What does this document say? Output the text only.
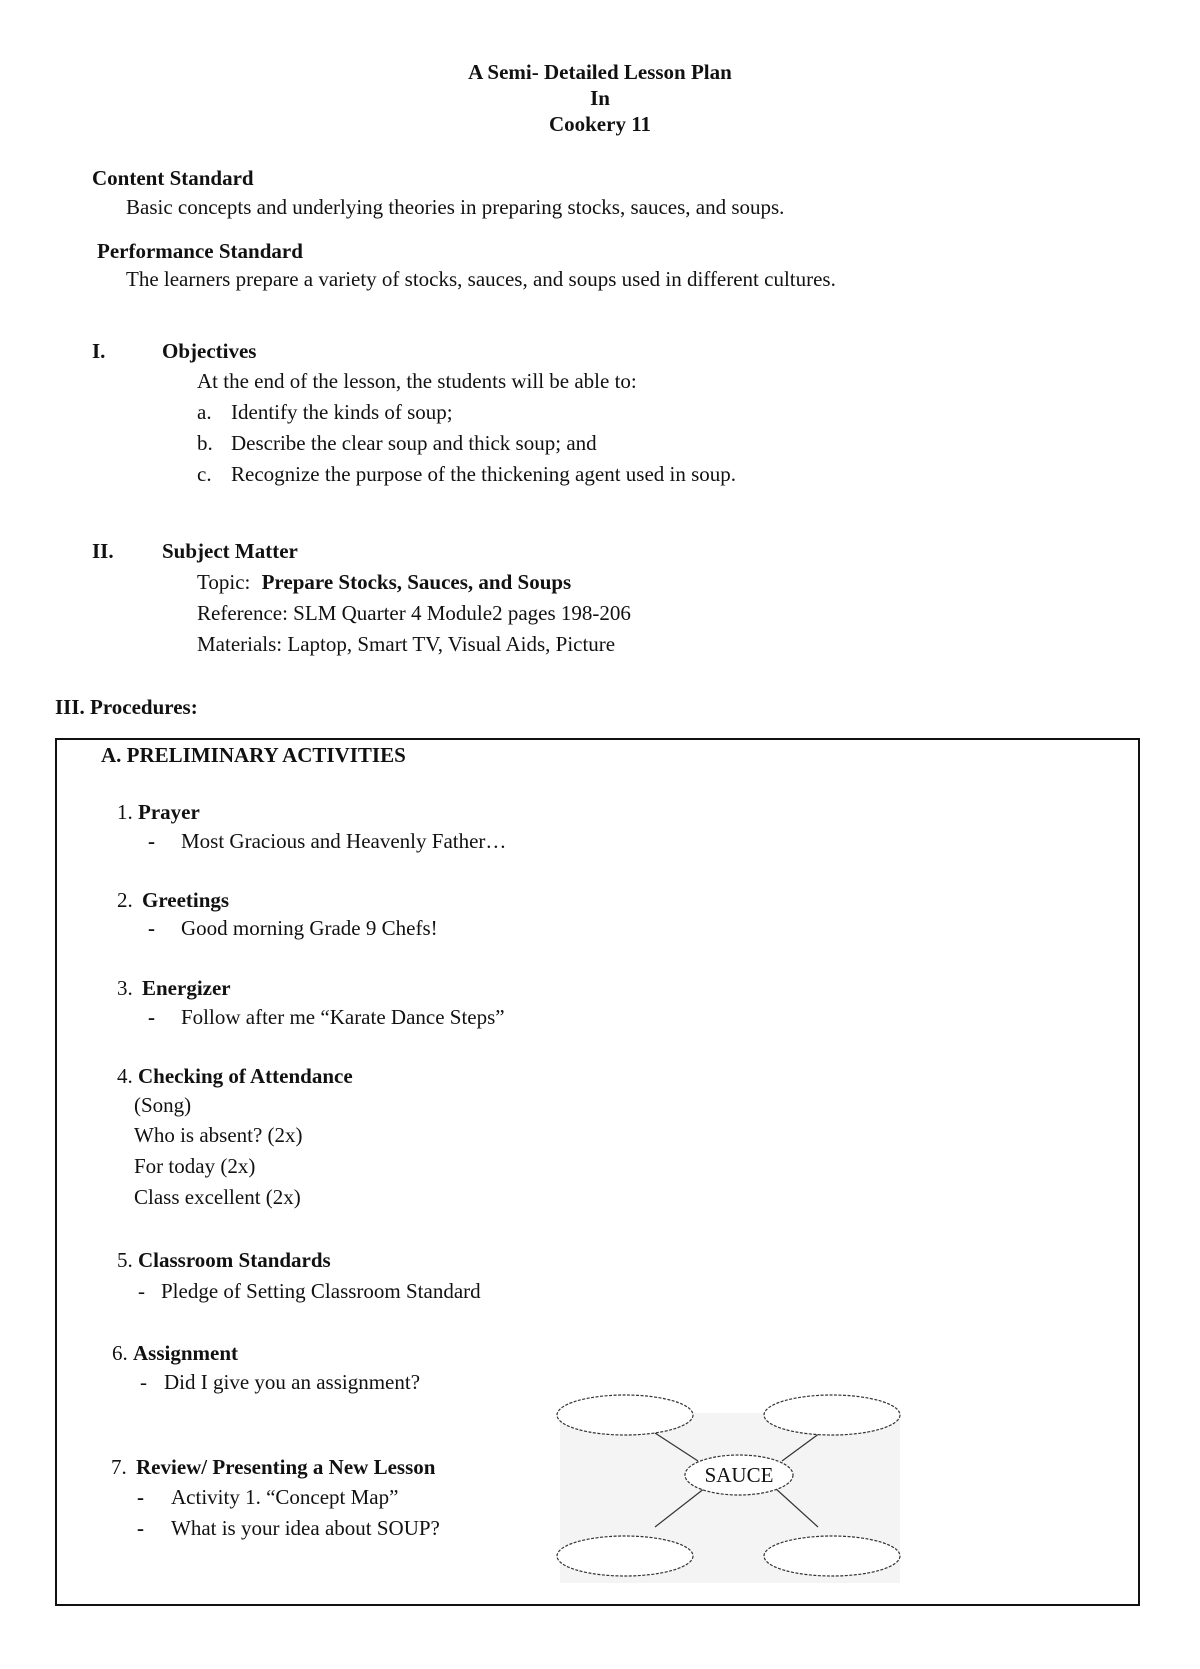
A Semi- Detailed Lesson Plan
In
Cookery 11
Content Standard
Basic concepts and underlying theories in preparing stocks, sauces, and soups.
Performance Standard
The learners prepare a variety of stocks, sauces, and soups used in different cultures.
I.	Objectives
At the end of the lesson, the students will be able to:
a. Identify the kinds of soup;
b. Describe the clear soup and thick soup; and
c. Recognize the purpose of the thickening agent used in soup.
II. Subject Matter
Topic: Prepare Stocks, Sauces, and Soups
Reference: SLM Quarter 4 Module2 pages 198-206
Materials: Laptop, Smart TV, Visual Aids, Picture
III. Procedures:
A. PRELIMINARY ACTIVITIES
1. Prayer
- Most Gracious and Heavenly Father…
2. Greetings
- Good morning Grade 9 Chefs!
3. Energizer
- Follow after me “Karate Dance Steps”
4. Checking of Attendance
(Song)
Who is absent? (2x)
For today (2x)
Class excellent (2x)
5. Classroom Standards
- Pledge of Setting Classroom Standard
6. Assignment
- Did I give you an assignment?
7. Review/ Presenting a New Lesson
- Activity 1. “Concept Map”
- What is your idea about SOUP?
SAUCE
